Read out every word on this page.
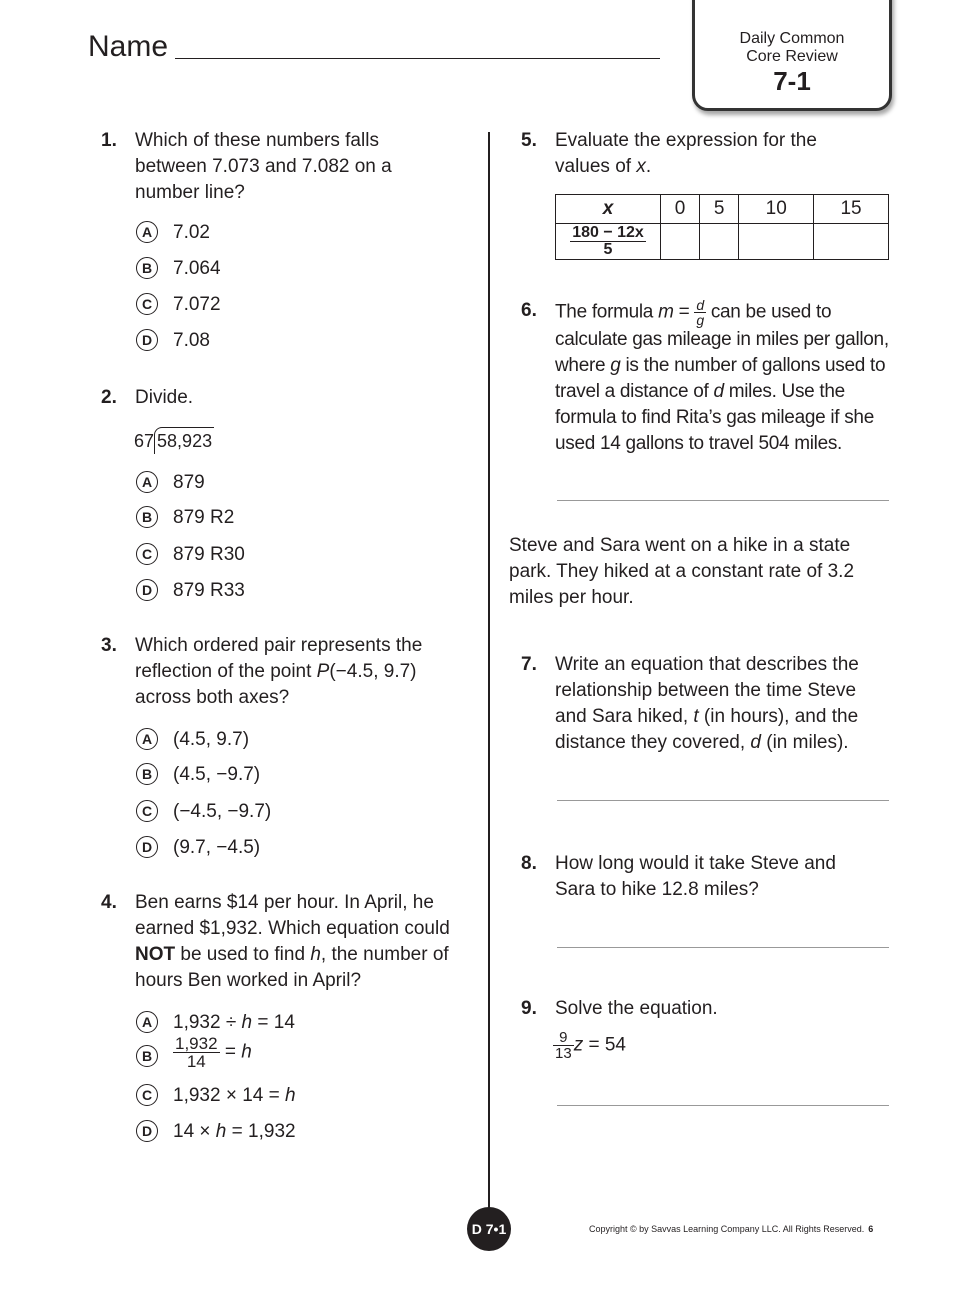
Name	Daily Common
Core Review
7-1
1. Which of these numbers falls between 7.073 and 7.082 on a number line?
A	7.02
B	7.064
C	7.072
D	7.08
2. Divide.
67 58,923
A	879
B	879 R2
C	879 R30
D	879 R33
3. Which ordered pair represents the reflection of the point P(−4.5, 9.7) across both axes?
A	(4.5, 9.7)
B	(4.5, −9.7)
C	(−4.5, −9.7)
D	(9.7, −4.5)
4. Ben earns $14 per hour. In April, he earned $1,932. Which equation could NOT be used to find h, the number of hours Ben worked in April?
A	1,932 ÷ h = 14
B	$\frac{1,932}{14} = h$
C	1,932 × 14 = h
D	14 × h = 1,932
5. Evaluate the expression for the values of x.
x	0	5	10	15

$\frac{180 - 12x}{5}$

6. The formula $m = \frac{d}{g}$ can be used to calculate gas mileage in miles per gallon, where g is the number of gallons used to travel a distance of d miles. Use the formula to find Rita’s gas mileage if she used 14 gallons to travel 504 miles.
Steve and Sara went on a hike in a state park. They hiked at a constant rate of 3.2 miles per hour.
7. Write an equation that describes the relationship between the time Steve and Sara hiked, t (in hours), and the distance they covered, d (in miles).
8. How long would it take Steve and Sara to hike 12.8 miles?
9. Solve the equation.
$\frac{9}{13}$ z = 54
D 7•1	Copyright © by Savvas Learning Company LLC. All Rights Reserved. 6
